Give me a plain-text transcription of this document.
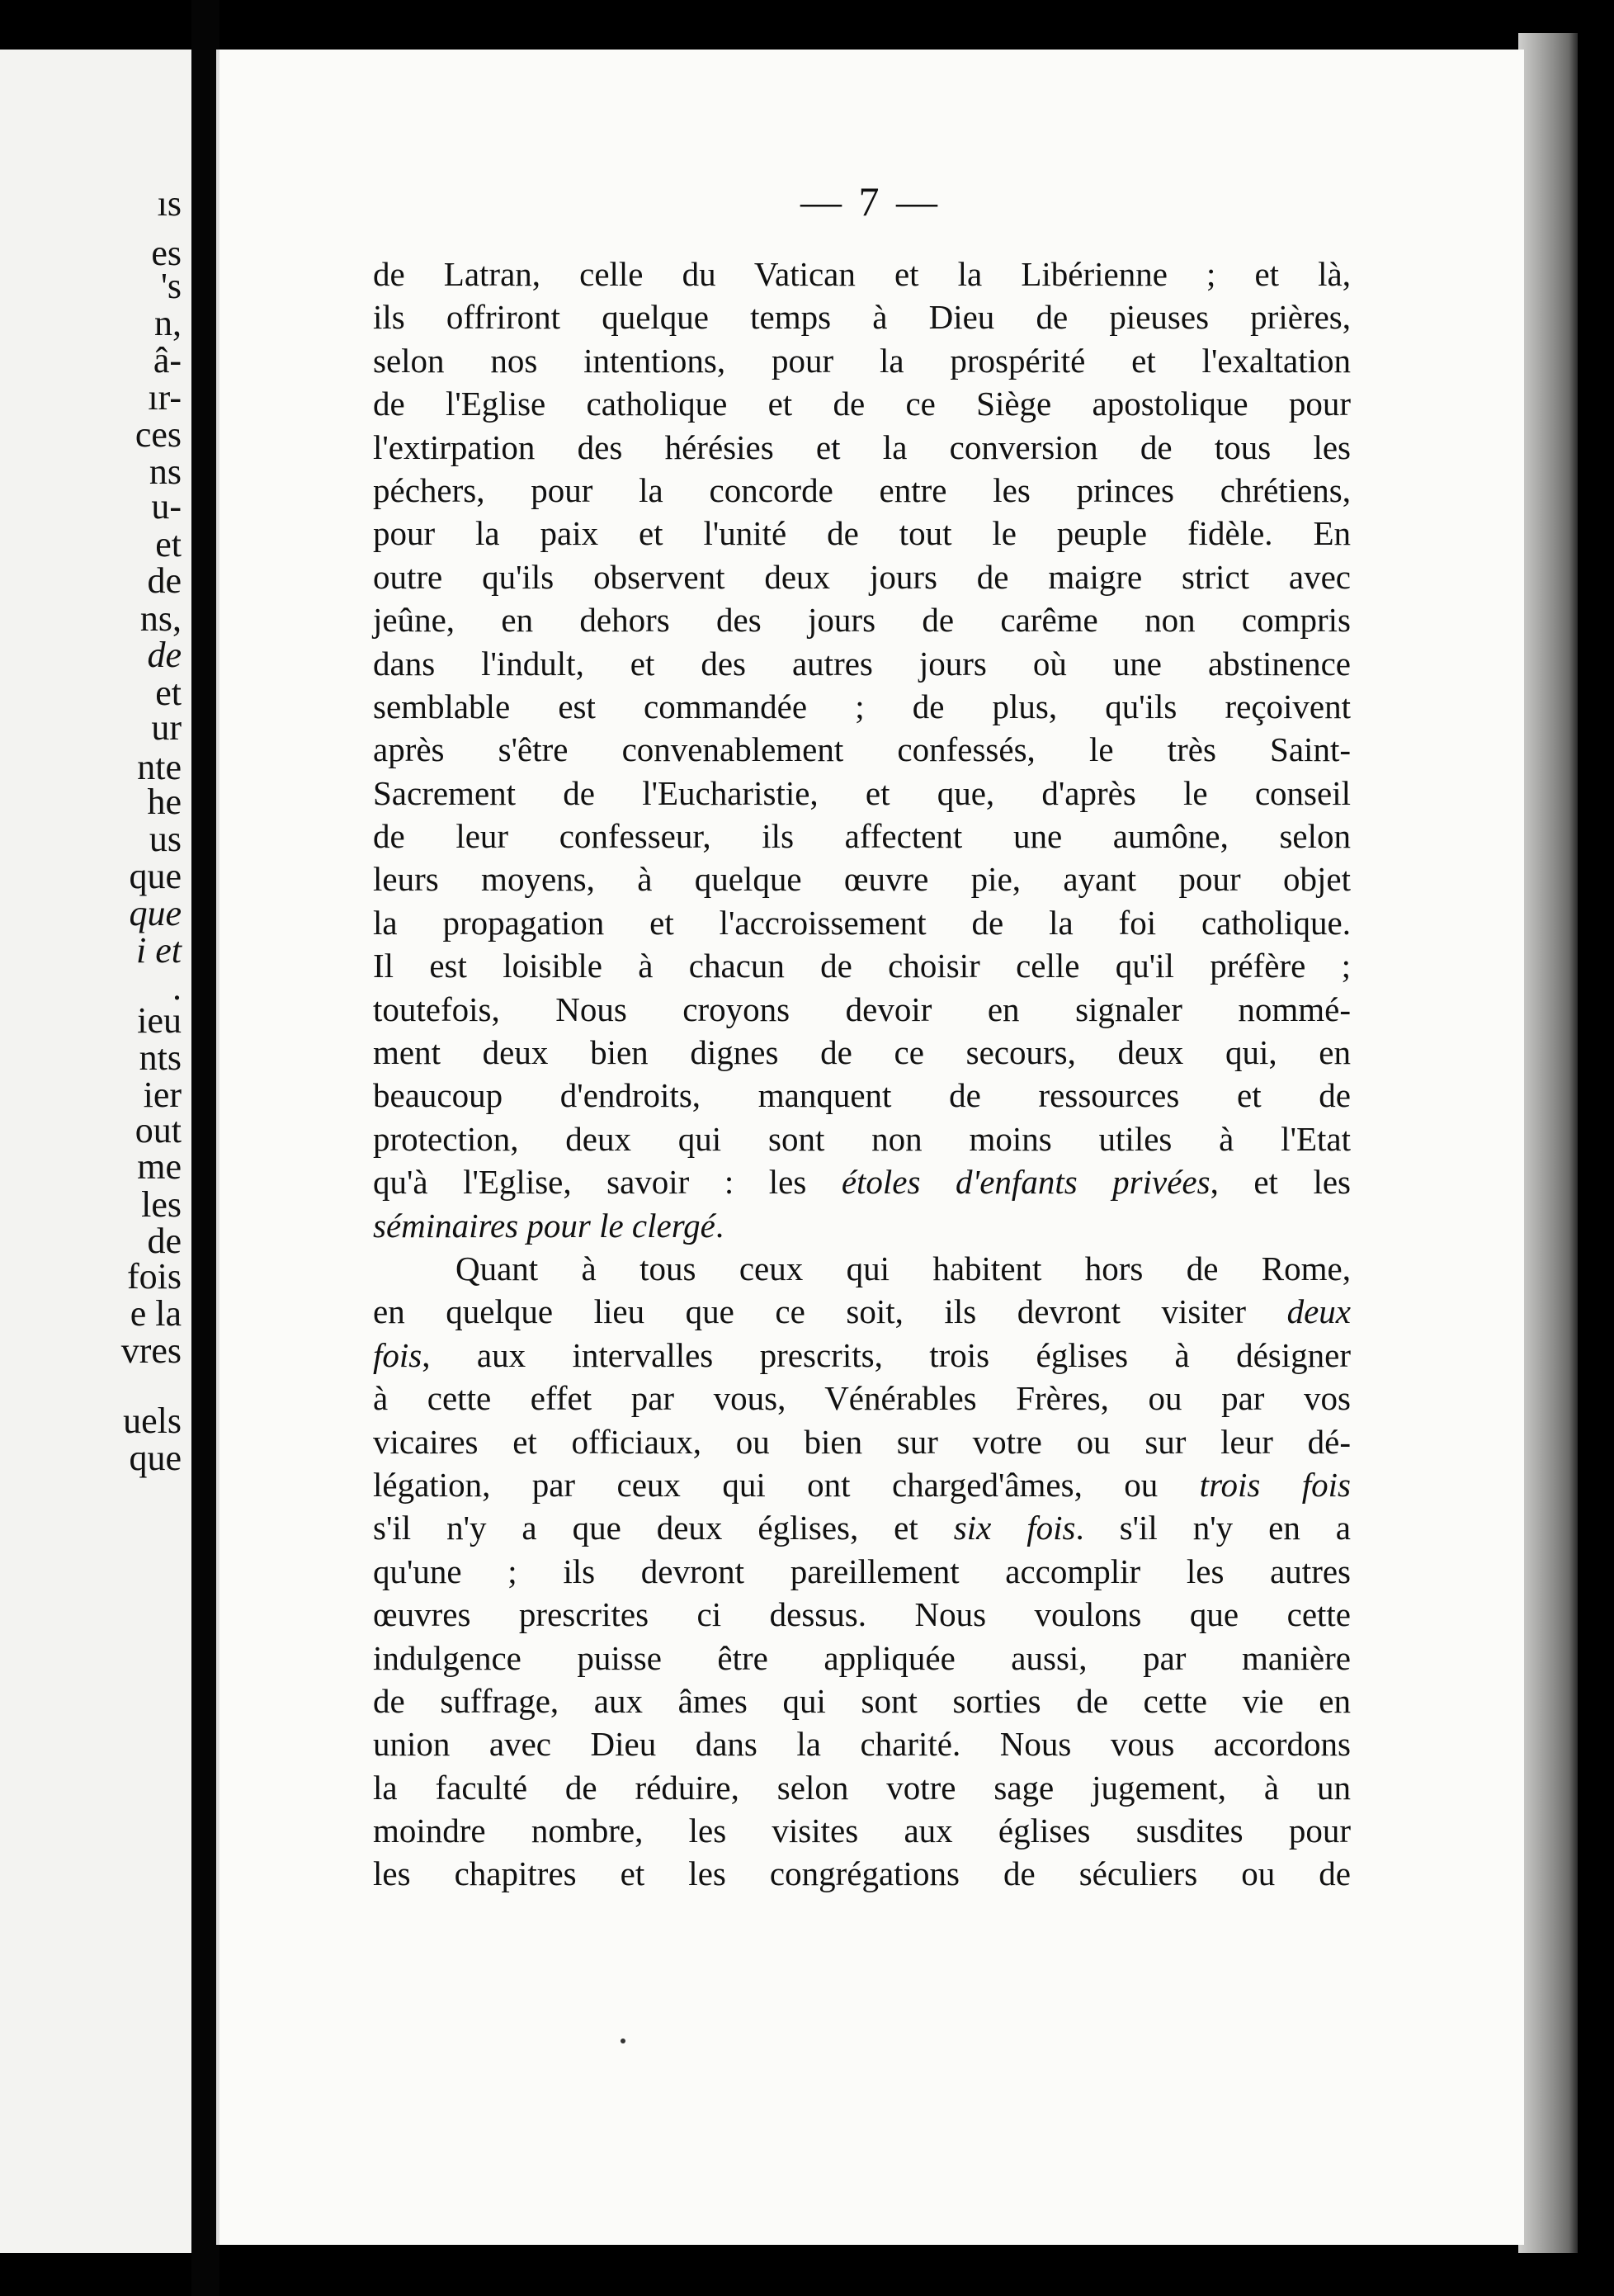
ıs
es
's
n,
â-
ır-
ces
ns
u-
et
de
ns,
de
et
ur
nte
he
us
que
que
i et
.
ieu
nts
ier
out
me
les
de
fois
e la
vres
uels
que
— 7 —
de Latran, celle du Vatican et la Libérienne ; et là,
ils offriront quelque temps à Dieu de pieuses prières,
selon nos intentions, pour la prospérité et l'exaltation
de l'Eglise catholique et de ce Siège apostolique pour
l'extirpation des hérésies et la conversion de tous les
péchers, pour la concorde entre les princes chrétiens,
pour la paix et l'unité de tout le peuple fidèle. En
outre qu'ils observent deux jours de maigre strict avec
jeûne, en dehors des jours de carême non compris
dans l'indult, et des autres jours où une abstinence
semblable est commandée ; de plus, qu'ils reçoivent
après s'être convenablement confessés, le très Saint-
Sacrement de l'Eucharistie, et que, d'après le conseil
de leur confesseur, ils affectent une aumône, selon
leurs moyens, à quelque œuvre pie, ayant pour objet
la propagation et l'accroissement de la foi catholique.
Il est loisible à chacun de choisir celle qu'il préfère ;
toutefois, Nous croyons devoir en signaler nommé-
ment deux bien dignes de ce secours, deux qui, en
beaucoup d'endroits, manquent de ressources et de
protection, deux qui sont non moins utiles à l'Etat
qu'à l'Eglise, savoir : les étoles d'enfants privées, et les
séminaires pour le clergé.
Quant à tous ceux qui habitent hors de Rome,
en quelque lieu que ce soit, ils devront visiter deux
fois, aux intervalles prescrits, trois églises à désigner
à cette effet par vous, Vénérables Frères, ou par vos
vicaires et officiaux, ou bien sur votre ou sur leur dé-
légation, par ceux qui ont charged'âmes, ou trois fois
s'il n'y a que deux églises, et six fois. s'il n'y en a
qu'une ; ils devront pareillement accomplir les autres
œuvres prescrites ci dessus. Nous voulons que cette
indulgence puisse être appliquée aussi, par manière
de suffrage, aux âmes qui sont sorties de cette vie en
union avec Dieu dans la charité. Nous vous accordons
la faculté de réduire, selon votre sage jugement, à un
moindre nombre, les visites aux églises susdites pour
les chapitres et les congrégations de séculiers ou de
